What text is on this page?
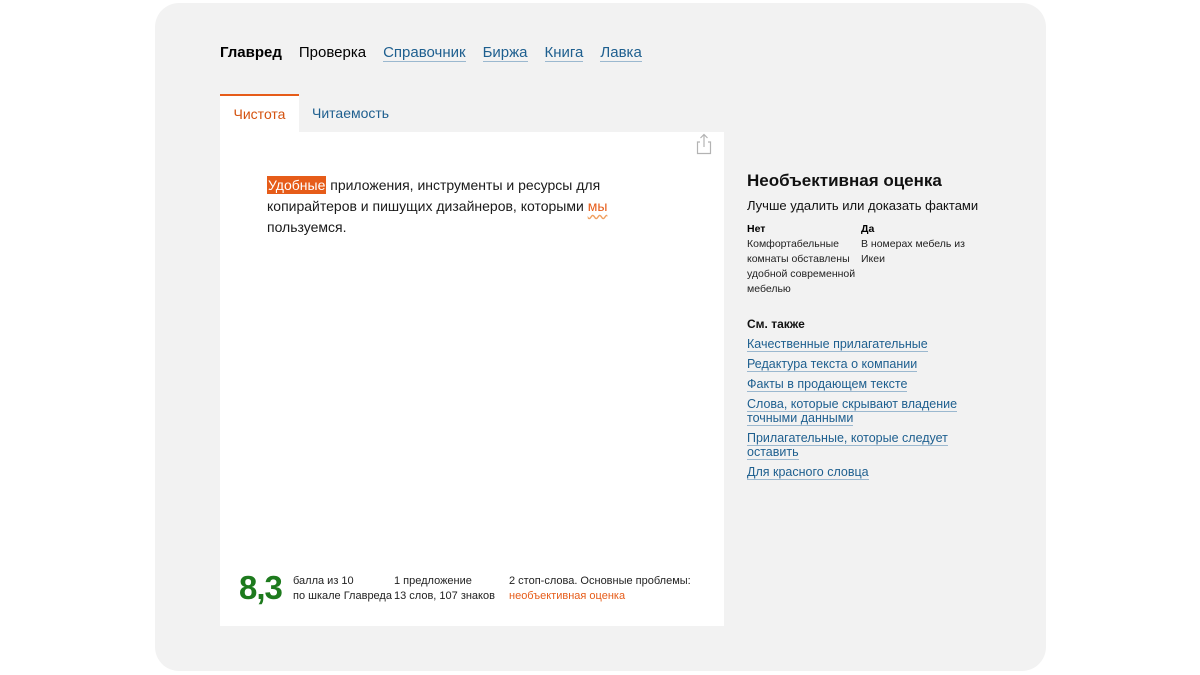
Главред Проверка Справочник Биржа Книга Лавка
Чистота	Читаемость
Удобные приложения, инструменты и ресурсы для копирайтеров и пишущих дизайнеров, которыми мы пользуемся.
8,3 балла из 10
по шкале Главреда
1 предложение
13 слов, 107 знаков
2 стоп-слова. Основные проблемы:
необъективная оценка
Необъективная оценка
Лучше удалить или доказать фактами
Нет
Комфортабельные комнаты обставлены удобной современной мебелью
Да
В номерах мебель из Икеи
См. также
Качественные прилагательные
Редактура текста о компании
Факты в продающем тексте
Слова, которые скрывают владение точными данными
Прилагательные, которые следует оставить
Для красного словца
